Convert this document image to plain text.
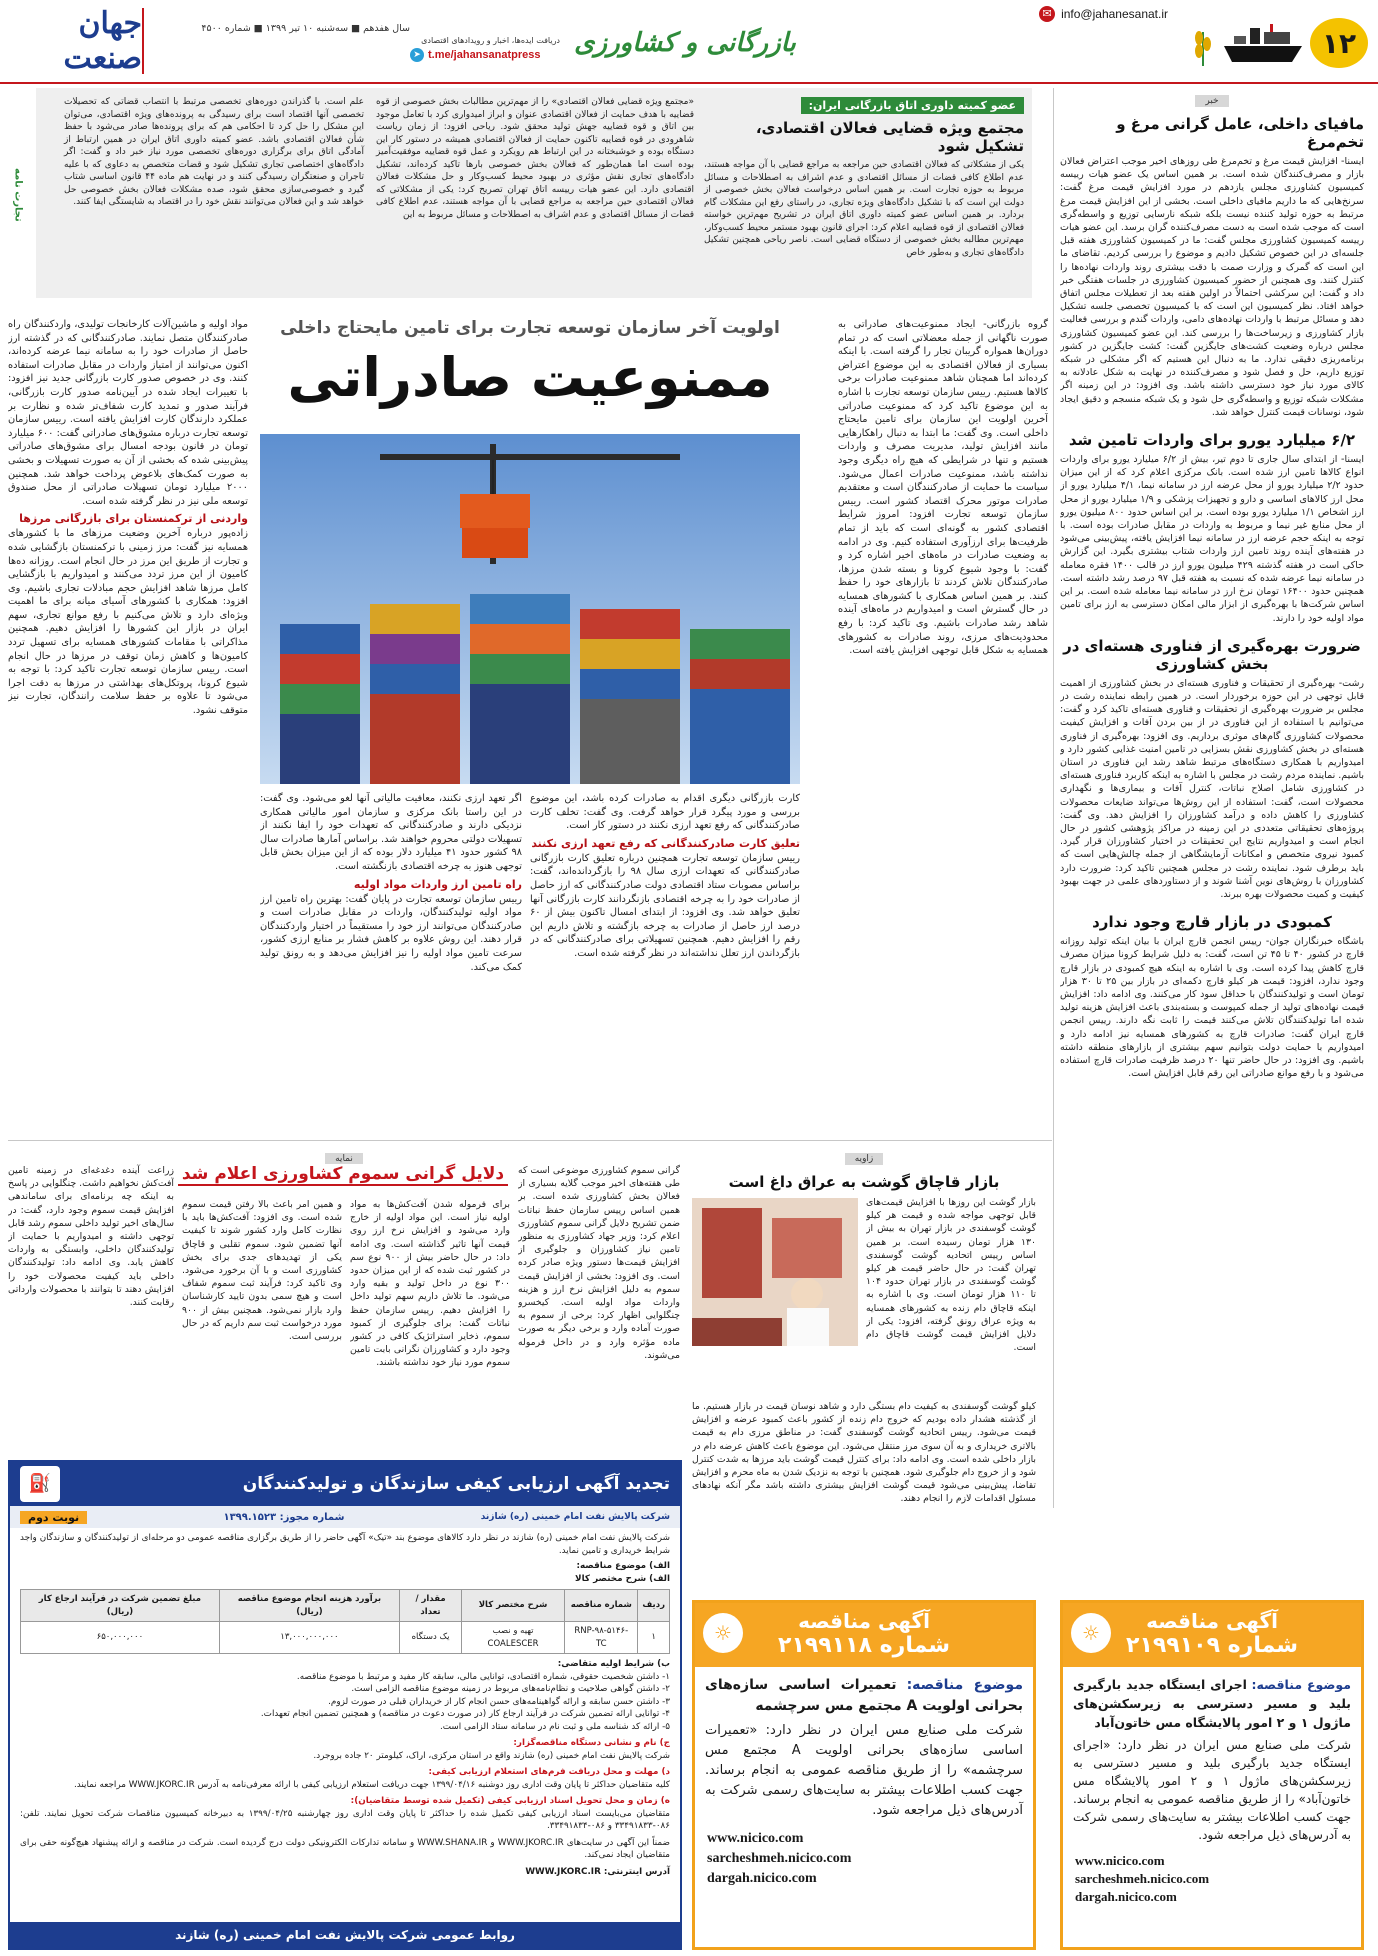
۱۲
✉ info@jahanesanat.ir
بازرگانی و کشاورزی
دریافت ایده‌ها، اخبار و رویدادهای اقتصادی
t.me/jahansanatpress
➤
سال هفدهم ■ سه‌شنبه ۱۰ تیر ۱۳۹۹ ■ شماره ۴۵۰۰
جهان صنعت
خبر
مافیای داخلی، عامل گرانی مرغ و تخم‌مرغ

ایسنا- افزایش قیمت مرغ و تخم‌مرغ طی روزهای اخیر موجب اعتراض فعالان بازار و مصرف‌کنندگان شده است. بر همین اساس یک عضو هیات رییسه کمیسیون کشاورزی مجلس یازدهم در مورد افزایش قیمت مرغ گفت: سرنخ‌هایی که ما داریم مافیای داخلی است. بخشی از این افزایش قیمت مرغ مرتبط به حوزه تولید کننده نیست بلکه شبکه نارسایی توزیع و واسطه‌گری است که موجب شده است به دست مصرف‌کننده گران برسد. این عضو هیات رییسه کمیسیون کشاورزی مجلس گفت: ما در کمیسیون کشاورزی هفته قبل جلسه‌ای در این خصوص تشکیل دادیم و موضوع را بررسی کردیم. تقاضای ما این است که گمرک و وزارت صمت با دقت بیشتری روند واردات نهاده‌ها را کنترل کنند. وی همچنین از حضور کمیسیون کشاورزی در جلسات هفتگی خبر داد و گفت: این سرکشی احتمالاً در اولین هفته بعد از تعطیلات مجلس اتفاق خواهد افتاد. نظر کمیسیون این است که با کمیسیون تخصصی جلسه تشکیل دهد و مسائل مرتبط با واردات نهاده‌های دامی، واردات گندم و بررسی فعالیت بازار کشاورزی و زیرساخت‌ها را بررسی کند. این عضو کمیسیون کشاورزی مجلس درباره وضعیت کشت‌های جایگزین گفت: کشت جایگزین در کشور برنامه‌ریزی دقیقی ندارد. ما به دنبال این هستیم که اگر مشکلی در شبکه توزیع داریم، حل و فصل شود و مصرف‌کننده در نهایت به شکل عادلانه به کالای مورد نیاز خود دسترسی داشته باشد. وی افزود: در این زمینه اگر مشکلات شبکه توزیع و واسطه‌گری حل شود و یک شبکه منسجم و دقیق ایجاد شود، نوسانات قیمت کنترل خواهد شد.

۶/۲ میلیارد یورو برای واردات تامین شد

ایسنا- از ابتدای سال جاری تا دوم تیر، بیش از ۶/۲ میلیارد یورو برای واردات انواع کالاها تامین ارز شده است. بانک مرکزی اعلام کرد که از این میزان حدود ۲/۲ میلیارد یورو از محل عرضه ارز در سامانه نیما، ۴/۱ میلیارد یورو از محل ارز کالاهای اساسی و دارو و تجهیزات پزشکی و ۱/۹ میلیارد یورو از محل ارز اشخاص ۱/۱ میلیارد یورو بوده است. بر این اساس حدود ۸۰۰ میلیون یورو از محل منابع غیر نیما و مربوط به واردات در مقابل صادرات بوده است. با توجه به اینکه حجم عرضه ارز در سامانه نیما افزایش یافته، پیش‌بینی می‌شود در هفته‌های آینده روند تامین ارز واردات شتاب بیشتری بگیرد. این گزارش حاکی است در هفته گذشته ۴۲۹ میلیون یورو ارز در قالب ۱۴۰۰ فقره معامله در سامانه نیما عرضه شده که نسبت به هفته قبل ۹۷ درصد رشد داشته است. همچنین حدود ۱۶۴۰۰ تومان نرخ ارز در سامانه نیما معامله شده است. بر این اساس شرکت‌ها با بهره‌گیری از ابزار مالی امکان دسترسی به ارز برای تامین مواد اولیه خود را دارند.

ضرورت بهره‌گیری از فناوری هسته‌ای در بخش کشاورزی

رشت- بهره‌گیری از تحقیقات و فناوری هسته‌ای در بخش کشاورزی از اهمیت قابل توجهی در این حوزه برخوردار است. در همین رابطه نماینده رشت در مجلس بر ضرورت بهره‌گیری از تحقیقات و فناوری هسته‌ای تاکید کرد و گفت: می‌توانیم با استفاده از این فناوری در از بین بردن آفات و افزایش کیفیت محصولات کشاورزی گام‌های موثری برداریم. وی افزود: بهره‌گیری از فناوری هسته‌ای در بخش کشاورزی نقش بسزایی در تامین امنیت غذایی کشور دارد و امیدواریم با همکاری دستگاه‌های مرتبط شاهد رشد این فناوری در استان باشیم. نماینده مردم رشت در مجلس با اشاره به اینکه کاربرد فناوری هسته‌ای در کشاورزی شامل اصلاح نباتات، کنترل آفات و بیماری‌ها و نگهداری محصولات است، گفت: استفاده از این روش‌ها می‌تواند ضایعات محصولات کشاورزی را کاهش داده و درآمد کشاورزان را افزایش دهد. وی گفت: پروژه‌های تحقیقاتی متعددی در این زمینه در مراکز پژوهشی کشور در حال انجام است و امیدواریم نتایج این تحقیقات در اختیار کشاورزان قرار گیرد. کمبود نیروی متخصص و امکانات آزمایشگاهی از جمله چالش‌هایی است که باید برطرف شود. نماینده رشت در مجلس همچنین تاکید کرد: ضرورت دارد کشاورزان با روش‌های نوین آشنا شوند و از دستاوردهای علمی در جهت بهبود کیفیت و کمیت محصولات بهره ببرند.

کمبودی در بازار قارچ وجود ندارد

باشگاه خبرنگاران جوان- رییس انجمن قارچ ایران با بیان اینکه تولید روزانه قارچ در کشور ۴۰ تا ۴۵ تن است، گفت: به دلیل شرایط کرونا میزان مصرف قارچ کاهش پیدا کرده است. وی با اشاره به اینکه هیچ کمبودی در بازار قارچ وجود ندارد، افزود: قیمت هر کیلو قارچ دکمه‌ای در بازار بین ۲۵ تا ۳۰ هزار تومان است و تولیدکنندگان با حداقل سود کار می‌کنند. وی ادامه داد: افزایش قیمت نهاده‌های تولید از جمله کمپوست و بسته‌بندی باعث افزایش هزینه تولید شده اما تولیدکنندگان تلاش می‌کنند قیمت را ثابت نگه دارند. رییس انجمن قارچ ایران گفت: صادرات قارچ به کشورهای همسایه نیز ادامه دارد و امیدواریم با حمایت دولت بتوانیم سهم بیشتری از بازارهای منطقه داشته باشیم. وی افزود: در حال حاضر تنها ۲۰ درصد ظرفیت صادرات قارچ استفاده می‌شود و با رفع موانع صادراتی این رقم قابل افزایش است.

عضو کمیته داوری اتاق بازرگانی ایران:
مجتمع ویژه قضایی فعالان اقتصادی، تشکیل شود

یکی از مشکلاتی که فعالان اقتصادی حین مراجعه به مراجع قضایی با آن مواجه هستند، عدم اطلاع کافی قضات از مسائل اقتصادی و عدم اشراف به اصطلاحات و مسائل مربوط به حوزه تجارت است. بر همین اساس درخواست فعالان بخش خصوصی از دولت این است که با تشکیل دادگاه‌های ویژه تجاری، در راستای رفع این مشکلات گام بردارد. بر همین اساس عضو کمیته داوری اتاق ایران در تشریح مهم‌ترین خواسته فعالان اقتصادی از قوه قضاییه اعلام کرد: اجرای قانون بهبود مستمر محیط کسب‌وکار، مهم‌ترین مطالبه بخش خصوصی از دستگاه قضایی است. ناصر ریاحی همچنین تشکیل دادگاه‌های تجاری و به‌طور خاص

«مجتمع ویژه قضایی فعالان اقتصادی» را از مهم‌ترین مطالبات بخش خصوصی از قوه قضاییه با هدف حمایت از فعالان اقتصادی عنوان و ابراز امیدواری کرد با تعامل موجود بین اتاق و قوه قضاییه جهش تولید محقق شود. ریاحی افزود: از زمان ریاست شاهرودی در قوه قضاییه تاکنون حمایت از فعالان اقتصادی همیشه در دستور کار این دستگاه بوده و خوشبختانه در این ارتباط هم رویکرد و عمل قوه قضاییه موفقیت‌آمیز بوده است اما همان‌طور که فعالان بخش خصوصی بارها تاکید کرده‌اند، تشکیل دادگاه‌های تجاری نقش مؤثری در بهبود محیط کسب‌وکار و حل مشکلات فعالان اقتصادی دارد. این عضو هیات رییسه اتاق تهران تصریح کرد: یکی از مشکلاتی که فعالان اقتصادی حین مراجعه به مراجع قضایی با آن مواجه هستند، عدم اطلاع کافی قضات از مسائل اقتصادی و عدم اشراف به اصطلاحات و مسائل مربوط به این

علم است. با گذراندن دوره‌های تخصصی مرتبط با انتصاب قضاتی که تحصیلات تخصصی آنها اقتصاد است برای رسیدگی به پرونده‌های ویژه اقتصادی، می‌توان این مشکل را حل کرد تا احکامی هم که برای پرونده‌ها صادر می‌شود با حفظ شأن فعالان اقتصادی باشد. عضو کمیته داوری اتاق ایران در همین ارتباط از آمادگی اتاق برای برگزاری دوره‌های تخصصی مورد نیاز خبر داد و گفت: اگر دادگاه‌های اختصاصی تجاری تشکیل شود و قضات متخصص به دعاوی که با علیه تاجران و صنعتگران رسیدگی کنند و در نهایت هم ماده ۴۴ قانون اساسی شتاب گیرد و خصوصی‌سازی محقق شود، صده مشکلات فعالان بخش خصوصی حل خواهد شد و این فعالان می‌توانند نقش خود را در اقتصاد به شایستگی ایفا کنند.

تجارت نامه
اولویت آخر سازمان توسعه تجارت برای تامین مایحتاج داخلی
ممنوعیت صادراتی

گروه بازرگانی- ایجاد ممنوعیت‌های صادراتی به صورت ناگهانی از جمله معضلاتی است که در تمام دوران‌ها همواره گریبان تجار را گرفته است. با اینکه بسیاری از فعالان اقتصادی به این موضوع اعتراض کرده‌اند اما همچنان شاهد ممنوعیت صادرات برخی کالاها هستیم. رییس سازمان توسعه تجارت با اشاره به این موضوع تاکید کرد که ممنوعیت صادراتی آخرین اولویت این سازمان برای تامین مایحتاج داخلی است. وی گفت: ما ابتدا به دنبال راهکارهایی مانند افزایش تولید، مدیریت مصرف و واردات هستیم و تنها در شرایطی که هیچ راه دیگری وجود نداشته باشد، ممنوعیت صادرات اعمال می‌شود. سیاست ما حمایت از صادرکنندگان است و معتقدیم صادرات موتور محرک اقتصاد کشور است. رییس سازمان توسعه تجارت افزود: امروز شرایط اقتصادی کشور به گونه‌ای است که باید از تمام ظرفیت‌ها برای ارزآوری استفاده کنیم. وی در ادامه به وضعیت صادرات در ماه‌های اخیر اشاره کرد و گفت: با وجود شیوع کرونا و بسته شدن مرزها، صادرکنندگان تلاش کردند تا بازارهای خود را حفظ کنند. بر همین اساس همکاری با کشورهای همسایه در حال گسترش است و امیدواریم در ماه‌های آینده شاهد رشد صادرات باشیم. وی تاکید کرد: با رفع محدودیت‌های مرزی، روند صادرات به کشورهای همسایه به شکل قابل توجهی افزایش یافته است.

مواد اولیه و ماشین‌آلات کارخانجات تولیدی، وارد‌کنندگان راه صادرکنندگان متصل نمایند. صادرکنندگانی که در گذشته ارز حاصل از صادرات خود را به سامانه نیما عرضه کرده‌اند، اکنون می‌توانند از امتیاز واردات در مقابل صادرات استفاده کنند. وی در خصوص صدور کارت بازرگانی جدید نیز افزود: با تغییرات ایجاد شده در آیین‌نامه صدور کارت بازرگانی، فرآیند صدور و تمدید کارت شفاف‌تر شده و نظارت بر عملکرد دارندگان کارت افزایش یافته است. رییس سازمان توسعه تجارت درباره مشوق‌های صادراتی گفت: ۶۰۰ میلیارد تومان در قانون بودجه امسال برای مشوق‌های صادراتی پیش‌بینی شده که بخشی از آن به صورت تسهیلات و بخشی به صورت کمک‌های بلاعوض پرداخت خواهد شد. همچنین ۲۰۰۰ میلیارد تومان تسهیلات صادراتی از محل صندوق توسعه ملی نیز در نظر گرفته شده است.

واردنی از ترکمنستان برای بازرگانی مرزها

زاده‌پور درباره آخرین وضعیت مرزهای ما با کشورهای همسایه نیز گفت: مرز زمینی با ترکمنستان بازگشایی شده و تجارت از طریق این مرز در حال انجام است. روزانه ده‌ها کامیون از این مرز تردد می‌کنند و امیدواریم با بازگشایی کامل مرزها شاهد افزایش حجم مبادلات تجاری باشیم. وی افزود: همکاری با کشورهای آسیای میانه برای ما اهمیت ویژه‌ای دارد و تلاش می‌کنیم با رفع موانع تجاری، سهم ایران در بازار این کشورها را افزایش دهیم. همچنین مذاکراتی با مقامات کشورهای همسایه برای تسهیل تردد کامیون‌ها و کاهش زمان توقف در مرزها در حال انجام است. رییس سازمان توسعه تجارت تاکید کرد: با توجه به شیوع کرونا، پروتکل‌های بهداشتی در مرزها به دقت اجرا می‌شود تا علاوه بر حفظ سلامت رانندگان، تجارت نیز متوقف نشود.

کارت بازرگانی دیگری اقدام به صادرات کرده باشد، این موضوع بررسی و مورد پیگرد قرار خواهد گرفت. وی گفت: تخلف کارت صادرکنندگانی که رفع تعهد ارزی نکنند در دستور کار است.

تعلیق کارت صادرکنندگانی که رفع تعهد ارزی نکنند

رییس سازمان توسعه تجارت همچنین درباره تعلیق کارت بازرگانی صادرکنندگانی که تعهدات ارزی سال ۹۸ را بازگردانده‌اند، گفت: براساس مصوبات ستاد اقتصادی دولت صادرکنندگانی که ارز حاصل از صادرات خود را به چرخه اقتصادی بازنگردانند کارت بازرگانی آنها تعلیق خواهد شد. وی افزود: از ابتدای امسال تاکنون بیش از ۶۰ درصد ارز حاصل از صادرات به چرخه بازگشته و تلاش داریم این رقم را افزایش دهیم. همچنین تسهیلاتی برای صادرکنندگانی که در بازگرداندن ارز تعلل نداشته‌اند در نظر گرفته شده است.

اگر تعهد ارزی نکنند، معافیت مالیاتی آنها لغو می‌شود. وی گفت: در این راستا بانک مرکزی و سازمان امور مالیاتی همکاری نزدیکی دارند و صادرکنندگانی که تعهدات خود را ایفا نکنند از تسهیلات دولتی محروم خواهند شد. براساس آمارها صادرات سال ۹۸ کشور حدود ۴۱ میلیارد دلار بوده که از این میزان بخش قابل توجهی هنوز به چرخه اقتصادی بازنگشته است.

راه تامین ارز واردات مواد اولیه

رییس سازمان توسعه تجارت در پایان گفت: بهترین راه تامین ارز مواد اولیه تولیدکنندگان، واردات در مقابل صادرات است و صادرکنندگان می‌توانند ارز خود را مستقیماً در اختیار واردکنندگان قرار دهند. این روش علاوه بر کاهش فشار بر منابع ارزی کشور، سرعت تامین مواد اولیه را نیز افزایش می‌دهد و به رونق تولید کمک می‌کند.

نمایه
دلایل گرانی سموم کشاورزی اعلام شد	گرانی سموم کشاورزی موضوعی است که طی هفته‌های اخیر موجب گلایه بسیاری از فعالان بخش کشاورزی شده است. بر همین اساس رییس سازمان حفظ نباتات ضمن تشریح دلایل گرانی سموم کشاورزی اعلام کرد: وزیر جهاد کشاورزی به منظور تامین نیاز کشاورزان و جلوگیری از افزایش قیمت‌ها دستور ویژه صادر کرده است. وی افزود: بخشی از افزایش قیمت سموم به دلیل افزایش نرخ ارز و هزینه واردات مواد اولیه است. کیخسرو چنگلوایی اظهار کرد: برخی از سموم به صورت آماده وارد و برخی دیگر به صورت ماده مؤثره وارد و در داخل فرموله می‌شوند.

برای فرموله شدن آفت‌کش‌ها به مواد اولیه نیاز است. این مواد اولیه از خارج وارد می‌شود و افزایش نرخ ارز روی قیمت آنها تاثیر گذاشته است. وی ادامه داد: در حال حاضر بیش از ۹۰۰ نوع سم در کشور ثبت شده که از این میزان حدود ۳۰۰ نوع در داخل تولید و بقیه وارد می‌شود. ما تلاش داریم سهم تولید داخل را افزایش دهیم. رییس سازمان حفظ نباتات گفت: برای جلوگیری از کمبود سموم، ذخایر استراتژیک کافی در کشور وجود دارد و کشاورزان نگرانی بابت تامین سموم مورد نیاز خود نداشته باشند.

و همین امر باعث بالا رفتن قیمت سموم شده است. وی افزود: آفت‌کش‌ها باید با نظارت کامل وارد کشور شوند تا کیفیت آنها تضمین شود. سموم تقلبی و قاچاق یکی از تهدیدهای جدی برای بخش کشاورزی است و با آن برخورد می‌شود. وی تاکید کرد: فرآیند ثبت سموم شفاف است و هیچ سمی بدون تایید کارشناسان وارد بازار نمی‌شود. همچنین بیش از ۹۰۰ مورد درخواست ثبت سم داریم که در حال بررسی است.

زراعت آینده دغدغه‌ای در زمینه تامین آفت‌کش نخواهیم داشت. چنگلوایی در پاسخ به اینکه چه برنامه‌ای برای ساماندهی افزایش قیمت سموم وجود دارد، گفت: در سال‌های اخیر تولید داخلی سموم رشد قابل توجهی داشته و امیدواریم با حمایت از تولیدکنندگان داخلی، وابستگی به واردات کاهش یابد. وی ادامه داد: تولیدکنندگان داخلی باید کیفیت محصولات خود را افزایش دهند تا بتوانند با محصولات وارداتی رقابت کنند.

زاویه
بازار قاچاق گوشت به عراق داغ است

بازار گوشت این روزها با افزایش قیمت‌های قابل توجهی مواجه شده و قیمت هر کیلو گوشت گوسفندی در بازار تهران به بیش از ۱۳۰ هزار تومان رسیده است. بر همین اساس رییس اتحادیه گوشت گوسفندی تهران گفت: در حال حاضر قیمت هر کیلو گوشت گوسفندی در بازار تهران حدود ۱۰۴ تا ۱۱۰ هزار تومان است. وی با اشاره به اینکه قاچاق دام زنده به کشورهای همسایه به ویژه عراق رونق گرفته، افزود: یکی از دلایل افزایش قیمت گوشت قاچاق دام است.

کیلو گوشت گوسفندی به کیفیت دام بستگی دارد و شاهد نوسان قیمت در بازار هستیم. ما از گذشته هشدار داده بودیم که خروج دام زنده از کشور باعث کمبود عرضه و افزایش قیمت می‌شود. رییس اتحادیه گوشت گوسفندی گفت: در مناطق مرزی دام به قیمت بالاتری خریداری و به آن سوی مرز منتقل می‌شود. این موضوع باعث کاهش عرضه دام در بازار داخلی شده است. وی ادامه داد: برای کنترل قیمت گوشت باید مرزها به شدت کنترل شود و از خروج دام جلوگیری شود. همچنین با توجه به نزدیک شدن به ماه محرم و افزایش تقاضا، پیش‌بینی می‌شود قیمت گوشت افزایش بیشتری داشته باشد مگر آنکه نهادهای مسئول اقدامات لازم را انجام دهند.

تجدید آگهی ارزیابی کیفی سازندگان و تولیدکنندگان
⛽
شرکت پالایش نفت امام خمینی (ره) شازند
شماره مجوز: ۱۳۹۹.۱۵۲۳
نوبت دوم

شرکت پالایش نفت امام خمینی (ره) شازند در نظر دارد کالاهای موضوع بند «تیک» آگهی حاضر را از طریق برگزاری مناقصه عمومی دو مرحله‌ای از تولیدکنندگان و سازندگان واجد شرایط خریداری و تامین نماید.

الف) موضوع مناقصه:

الف) شرح مختصر کالا

ردیف	شماره مناقصه	شرح مختصر کالا	مقدار / تعداد	برآورد هزینه انجام موضوع مناقصه (ریال)	مبلغ تضمین شرکت در فرآیند ارجاع کار (ریال)
۱	RNP-۹۸-۵۱۴۶-TC	تهیه و نصب COALESCER	یک دستگاه	۱۳,۰۰۰,۰۰۰,۰۰۰	۶۵۰,۰۰۰,۰۰۰

ب) شرایط اولیه متقاضی:

۱- داشتن شخصیت حقوقی، شماره اقتصادی، توانایی مالی، سابقه کار مفید و مرتبط با موضوع مناقصه.

۲- داشتن گواهی صلاحیت و نظام‌نامه‌های مربوط در زمینه موضوع مناقصه الزامی است.

۳- داشتن حسن سابقه و ارائه گواهینامه‌های حسن انجام کار از خریداران قبلی در صورت لزوم.

۴- توانایی ارائه تضمین شرکت در فرآیند ارجاع کار (در صورت دعوت در مناقصه) و همچنین تضمین انجام تعهدات.

۵- ارائه کد شناسه ملی و ثبت نام در سامانه ستاد الزامی است.

ج) نام و نشانی دستگاه مناقصه‌گزار:

شرکت پالایش نفت امام خمینی (ره) شازند واقع در استان مرکزی، اراک، کیلومتر ۲۰ جاده بروجرد.

د) مهلت و محل دریافت فرم‌های استعلام ارزیابی کیفی:

کلیه متقاضیان حداکثر تا پایان وقت اداری روز دوشنبه ۱۳۹۹/۰۴/۱۶ جهت دریافت استعلام ارزیابی کیفی با ارائه معرفی‌نامه به آدرس WWW.JKORC.IR مراجعه نمایند.

ه) زمان و محل تحویل اسناد ارزیابی کیفی (تکمیل شده توسط متقاضیان):

متقاضیان می‌بایست اسناد ارزیابی کیفی تکمیل شده را حداکثر تا پایان وقت اداری روز چهارشنبه ۱۳۹۹/۰۴/۲۵ به دبیرخانه کمیسیون مناقصات شرکت تحویل نمایند. تلفن: ۰۸۶-۳۳۴۹۱۸۳۳ و ۰۸۶-۳۳۴۹۱۸۳۴.

ضمناً این آگهی در سایت‌های WWW.JKORC.IR و WWW.SHANA.IR و سامانه تدارکات الکترونیکی دولت درج گردیده است. شرکت در مناقصه و ارائه پیشنهاد هیچ‌گونه حقی برای متقاضیان ایجاد نمی‌کند.

آدرس اینترنتی: WWW.JKORC.IR

روابط عمومی شرکت پالایش نفت امام خمینی (ره) شازند
آگهی مناقصه
شماره ۲۱۹۹۱۱۸
☼
موضوع مناقصه: تعمیرات اساسی سازه‌های بحرانی اولویت A مجتمع مس سرچشمه

شرکت ملی صنایع مس ایران در نظر دارد: «تعمیرات اساسی سازه‌های بحرانی اولویت A مجتمع مس سرچشمه» را از طریق مناقصه عمومی به انجام برساند. جهت کسب اطلاعات بیشتر به سایت‌های رسمی شرکت به آدرس‌های ذیل مراجعه شود.

www.nicico.com
sarcheshmeh.nicico.com
dargah.nicico.com
آگهی مناقصه
شماره ۲۱۹۹۱۰۹
☼
موضوع مناقصه: اجرای ایستگاه جدید بارگیری بلید و مسیر دسترسی به زیرسکشن‌های ماژول ۱ و ۲ امور پالایشگاه مس خاتون‌آباد

شرکت ملی صنایع مس ایران در نظر دارد: «اجرای ایستگاه جدید بارگیری بلید و مسیر دسترسی به زیرسکشن‌های ماژول ۱ و ۲ امور پالایشگاه مس خاتون‌آباد» را از طریق مناقصه عمومی به انجام برساند. جهت کسب اطلاعات بیشتر به سایت‌های رسمی شرکت به آدرس‌های ذیل مراجعه شود.

www.nicico.com
sarcheshmeh.nicico.com
dargah.nicico.com
